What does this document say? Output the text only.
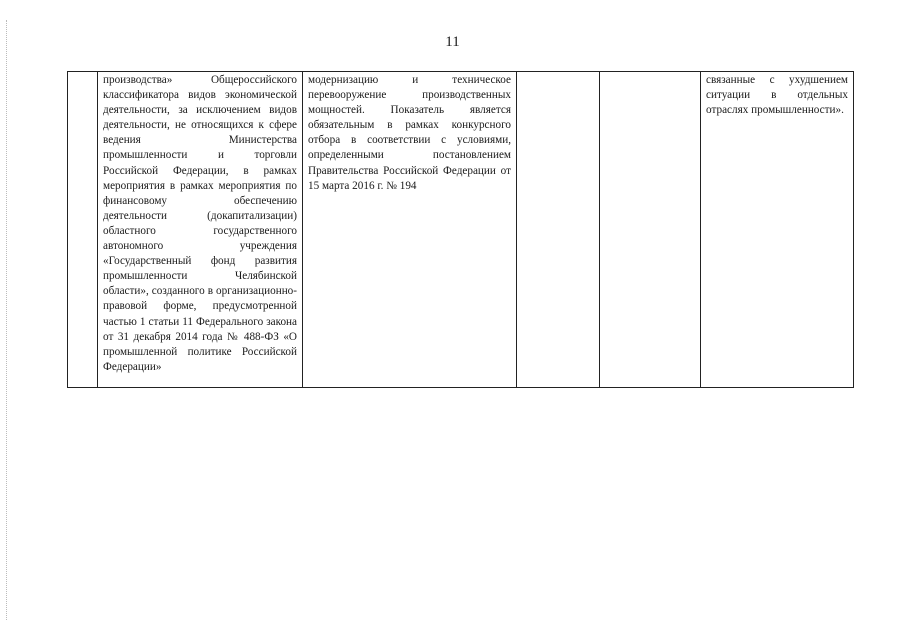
11
	производства» Общероссийского классификатора видов экономической деятельности, за исключением видов деятельности, не относящихся к сфере ведения Министерства промышленности и торговли Российской Федерации, в рамках мероприятия в рамках мероприятия по финансовому обеспечению деятельности (докапитализации) областного государственного автономного учреждения «Государственный фонд развития промышленности Челябинской области», созданного в организационно-правовой форме, предусмотренной частью 1 статьи 11 Федерального закона от 31 декабря 2014 года № 488-ФЗ «О промышленной политике Российской Федерации»	модернизацию и техническое перевооружение производственных мощностей. Показатель является обязательным в рамках конкурсного отбора в соответствии с условиями, определенными постановлением Правительства Российской Федерации от 15 марта 2016 г. № 194			связанные с ухудшением ситуации в отдельных отраслях промышленности».
